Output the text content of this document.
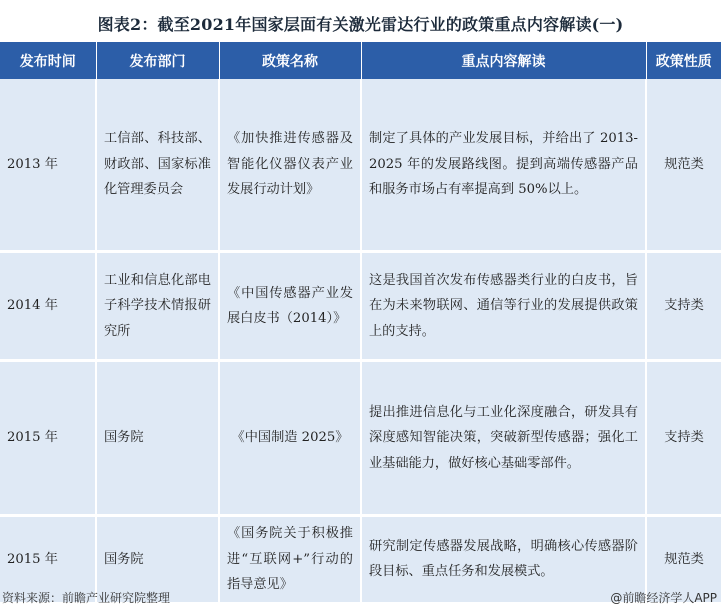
图表2：截至2021年国家层面有关激光雷达行业的政策重点内容解读(一)
发布时间	发布部门	政策名称	重点内容解读	政策性质
2013 年	工信部、科技部、财政部、国家标准化管理委员会	《加快推进传感器及智能化仪器仪表产业发展行动计划》	制定了具体的产业发展目标，并给出了 2013-2025 年的发展路线图。提到高端传感器产品和服务市场占有率提高到 50%以上。	规范类
2014 年	工业和信息化部电子科学技术情报研究所	《中国传感器产业发展白皮书（2014）》	这是我国首次发布传感器类行业的白皮书，旨在为未来物联网、通信等行业的发展提供政策上的支持。	支持类
2015 年	国务院	《中国制造 2025》	提出推进信息化与工业化深度融合，研发具有深度感知智能决策，突破新型传感器；强化工业基础能力，做好核心基础零部件。	支持类
2015 年	国务院	《国务院关于积极推进“互联网+”行动的指导意见》	研究制定传感器发展战略，明确核心传感器阶段目标、重点任务和发展模式。	规范类
资料来源：前瞻产业研究院整理	@前瞻经济学人APP
